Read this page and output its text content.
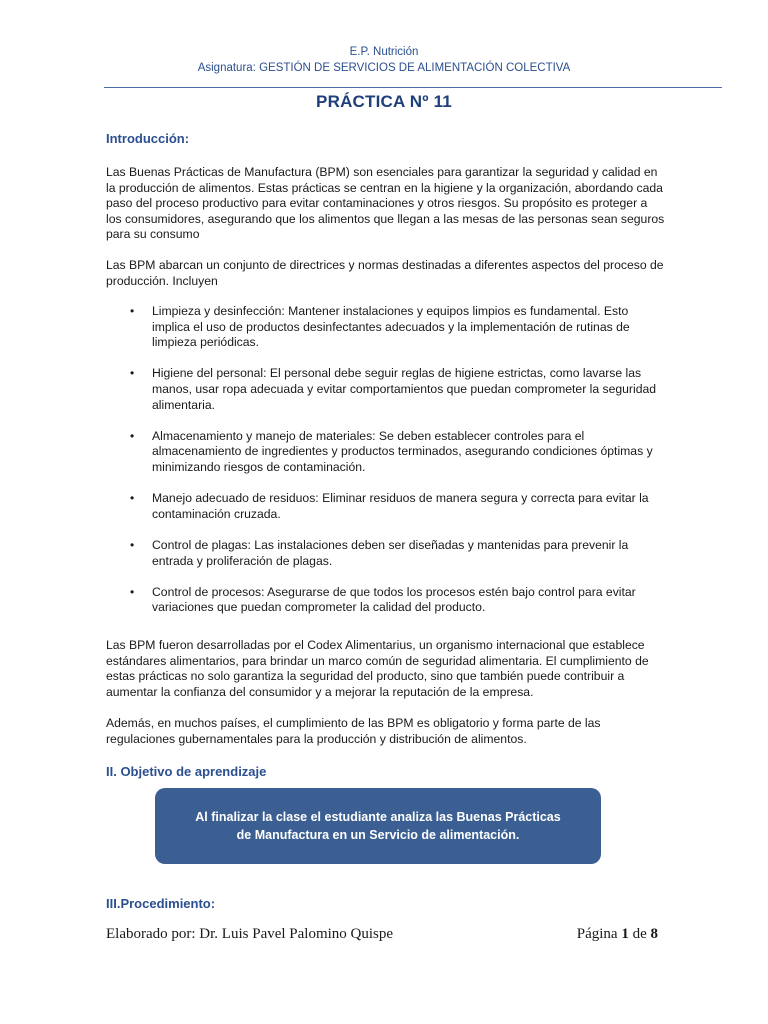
E.P. Nutrición
Asignatura: GESTIÓN DE SERVICIOS DE ALIMENTACIÓN COLECTIVA
PRÁCTICA Nº 11
Introducción:
Las Buenas Prácticas de Manufactura (BPM) son esenciales para garantizar la seguridad y calidad en la producción de alimentos. Estas prácticas se centran en la higiene y la organización, abordando cada paso del proceso productivo para evitar contaminaciones y otros riesgos. Su propósito es proteger a los consumidores, asegurando que los alimentos que llegan a las mesas de las personas sean seguros para su consumo
Las BPM abarcan un conjunto de directrices y normas destinadas a diferentes aspectos del proceso de producción. Incluyen
• Limpieza y desinfección: Mantener instalaciones y equipos limpios es fundamental. Esto implica el uso de productos desinfectantes adecuados y la implementación de rutinas de limpieza periódicas.
• Higiene del personal: El personal debe seguir reglas de higiene estrictas, como lavarse las manos, usar ropa adecuada y evitar comportamientos que puedan comprometer la seguridad alimentaria.
• Almacenamiento y manejo de materiales: Se deben establecer controles para el almacenamiento de ingredientes y productos terminados, asegurando condiciones óptimas y minimizando riesgos de contaminación.
• Manejo adecuado de residuos: Eliminar residuos de manera segura y correcta para evitar la contaminación cruzada.
• Control de plagas: Las instalaciones deben ser diseñadas y mantenidas para prevenir la entrada y proliferación de plagas.
• Control de procesos: Asegurarse de que todos los procesos estén bajo control para evitar variaciones que puedan comprometer la calidad del producto.
Las BPM fueron desarrolladas por el Codex Alimentarius, un organismo internacional que establece estándares alimentarios, para brindar un marco común de seguridad alimentaria. El cumplimiento de estas prácticas no solo garantiza la seguridad del producto, sino que también puede contribuir a aumentar la confianza del consumidor y a mejorar la reputación de la empresa.
Además, en muchos países, el cumplimiento de las BPM es obligatorio y forma parte de las regulaciones gubernamentales para la producción y distribución de alimentos.
II. Objetivo de aprendizaje
Al finalizar la clase el estudiante analiza las Buenas Prácticas de Manufactura en un Servicio de alimentación.
III.Procedimiento:
Elaborado por: Dr. Luis Pavel Palomino Quispe	Página 1 de 8
